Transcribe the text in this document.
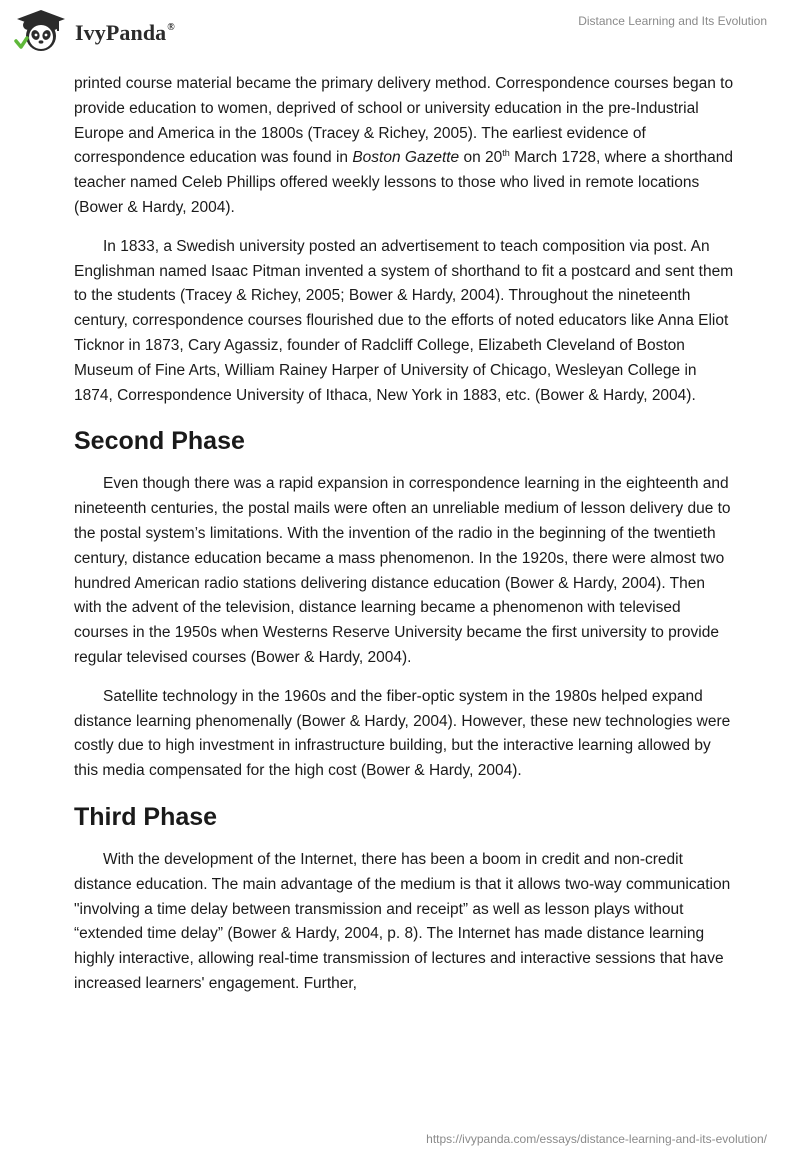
IvyPanda®	Distance Learning and Its Evolution

printed course material became the primary delivery method. Correspondence courses began to provide education to women, deprived of school or university education in the pre-Industrial Europe and America in the 1800s (Tracey & Richey, 2005). The earliest evidence of correspondence education was found in Boston Gazette on 20th March 1728, where a shorthand teacher named Celeb Phillips offered weekly lessons to those who lived in remote locations (Bower & Hardy, 2004).

In 1833, a Swedish university posted an advertisement to teach composition via post. An Englishman named Isaac Pitman invented a system of shorthand to fit a postcard and sent them to the students (Tracey & Richey, 2005; Bower & Hardy, 2004). Throughout the nineteenth century, correspondence courses flourished due to the efforts of noted educators like Anna Eliot Ticknor in 1873, Cary Agassiz, founder of Radcliff College, Elizabeth Cleveland of Boston Museum of Fine Arts, William Rainey Harper of University of Chicago, Wesleyan College in 1874, Correspondence University of Ithaca, New York in 1883, etc. (Bower & Hardy, 2004).

Second Phase

Even though there was a rapid expansion in correspondence learning in the eighteenth and nineteenth centuries, the postal mails were often an unreliable medium of lesson delivery due to the postal system’s limitations. With the invention of the radio in the beginning of the twentieth century, distance education became a mass phenomenon. In the 1920s, there were almost two hundred American radio stations delivering distance education (Bower & Hardy, 2004). Then with the advent of the television, distance learning became a phenomenon with televised courses in the 1950s when Westerns Reserve University became the first university to provide regular televised courses (Bower & Hardy, 2004).

Satellite technology in the 1960s and the fiber-optic system in the 1980s helped expand distance learning phenomenally (Bower & Hardy, 2004). However, these new technologies were costly due to high investment in infrastructure building, but the interactive learning allowed by this media compensated for the high cost (Bower & Hardy, 2004).

Third Phase

With the development of the Internet, there has been a boom in credit and non-credit distance education. The main advantage of the medium is that it allows two-way communication "involving a time delay between transmission and receipt” as well as lesson plays without “extended time delay” (Bower & Hardy, 2004, p. 8). The Internet has made distance learning highly interactive, allowing real-time transmission of lectures and interactive sessions that have increased learners' engagement. Further,

https://ivypanda.com/essays/distance-learning-and-its-evolution/
